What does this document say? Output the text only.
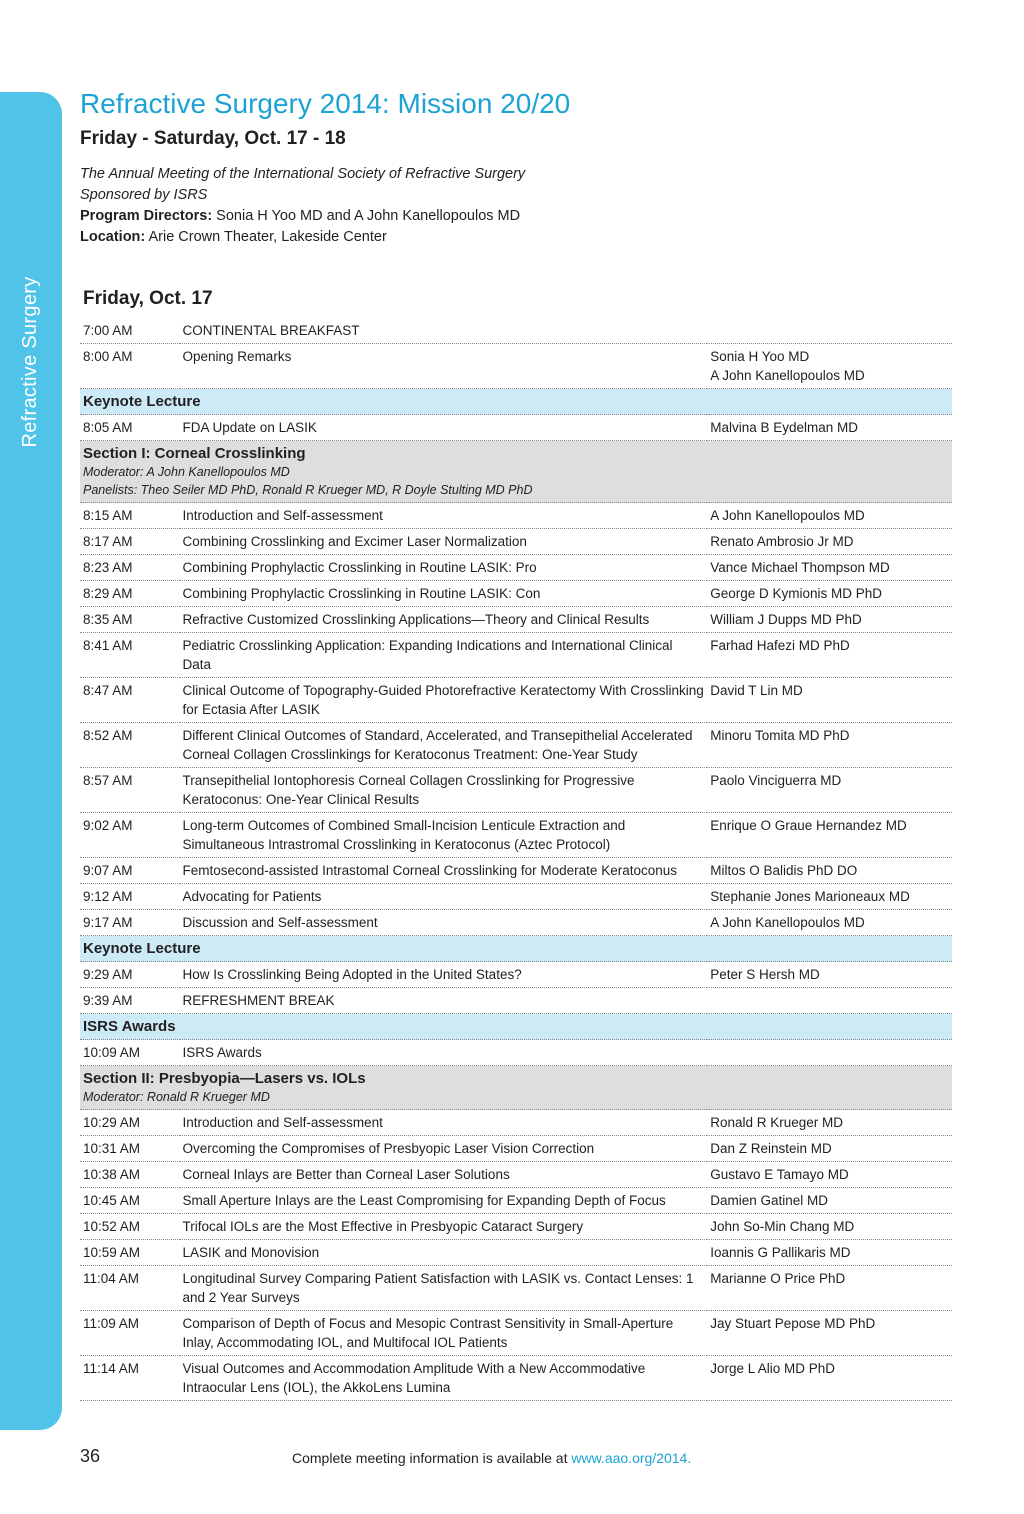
Refractive Surgery
Refractive Surgery 2014: Mission 20/20
Friday - Saturday, Oct. 17 - 18
The Annual Meeting of the International Society of Refractive Surgery
Sponsored by ISRS
Program Directors: Sonia H Yoo MD and A John Kanellopoulos MD
Location: Arie Crown Theater, Lakeside Center
Friday, Oct. 17
7:00 AM	CONTINENTAL BREAKFAST	
8:00 AM	Opening Remarks	Sonia H Yoo MD
A John Kanellopoulos MD
Keynote Lecture		
8:05 AM	FDA Update on LASIK	Malvina B Eydelman MD

Section I: Corneal Crosslinking
Moderator: A John Kanellopoulos MD
Panelists: Theo Seiler MD PhD, Ronald R Krueger MD, R Doyle Stulting MD PhD		

8:15 AM	Introduction and Self-assessment	A John Kanellopoulos MD
8:17 AM	Combining Crosslinking and Excimer Laser Normalization	Renato Ambrosio Jr MD
8:23 AM	Combining Prophylactic Crosslinking in Routine LASIK: Pro	Vance Michael Thompson MD
8:29 AM	Combining Prophylactic Crosslinking in Routine LASIK: Con	George D Kymionis MD PhD
8:35 AM	Refractive Customized Crosslinking Applications—Theory and Clinical Results	William J Dupps MD PhD
8:41 AM	Pediatric Crosslinking Application: Expanding Indications and International Clinical Data	Farhad Hafezi MD PhD
8:47 AM	Clinical Outcome of Topography-Guided Photorefractive Keratectomy With Crosslinking for Ectasia After LASIK	David T Lin MD
8:52 AM	Different Clinical Outcomes of Standard, Accelerated, and Transepithelial Accelerated Corneal Collagen Crosslinkings for Keratoconus Treatment: One-Year Study	Minoru Tomita MD PhD
8:57 AM	Transepithelial Iontophoresis Corneal Collagen Crosslinking for Progressive Keratoconus: One-Year Clinical Results	Paolo Vinciguerra MD
9:02 AM	Long-term Outcomes of Combined Small-Incision Lenticule Extraction and Simultaneous Intrastromal Crosslinking in Keratoconus (Aztec Protocol)	Enrique O Graue Hernandez MD
9:07 AM	Femtosecond-assisted Intrastomal Corneal Crosslinking for Moderate Keratoconus	Miltos O Balidis PhD DO
9:12 AM	Advocating for Patients	Stephanie Jones Marioneaux MD
9:17 AM	Discussion and Self-assessment	A John Kanellopoulos MD
Keynote Lecture		
9:29 AM	How Is Crosslinking Being Adopted in the United States?	Peter S Hersh MD
9:39 AM	REFRESHMENT BREAK	
ISRS Awards		
10:09 AM	ISRS Awards	

Section II: Presbyopia—Lasers vs. IOLs
Moderator: Ronald R Krueger MD		

10:29 AM	Introduction and Self-assessment	Ronald R Krueger MD
10:31 AM	Overcoming the Compromises of Presbyopic Laser Vision Correction	Dan Z Reinstein MD
10:38 AM	Corneal Inlays are Better than Corneal Laser Solutions	Gustavo E Tamayo MD
10:45 AM	Small Aperture Inlays are the Least Compromising for Expanding Depth of Focus	Damien Gatinel MD
10:52 AM	Trifocal IOLs are the Most Effective in Presbyopic Cataract Surgery	John So-Min Chang MD
10:59 AM	LASIK and Monovision	Ioannis G Pallikaris MD
11:04 AM	Longitudinal Survey Comparing Patient Satisfaction with LASIK vs. Contact Lenses: 1 and 2 Year Surveys	Marianne O Price PhD
11:09 AM	Comparison of Depth of Focus and Mesopic Contrast Sensitivity in Small-Aperture Inlay, Accommodating IOL, and Multifocal IOL Patients	Jay Stuart Pepose MD PhD
11:14 AM	Visual Outcomes and Accommodation Amplitude With a New Accommodative Intraocular Lens (IOL), the AkkoLens Lumina	Jorge L Alio MD PhD
36	Complete meeting information is available at www.aao.org/2014.
